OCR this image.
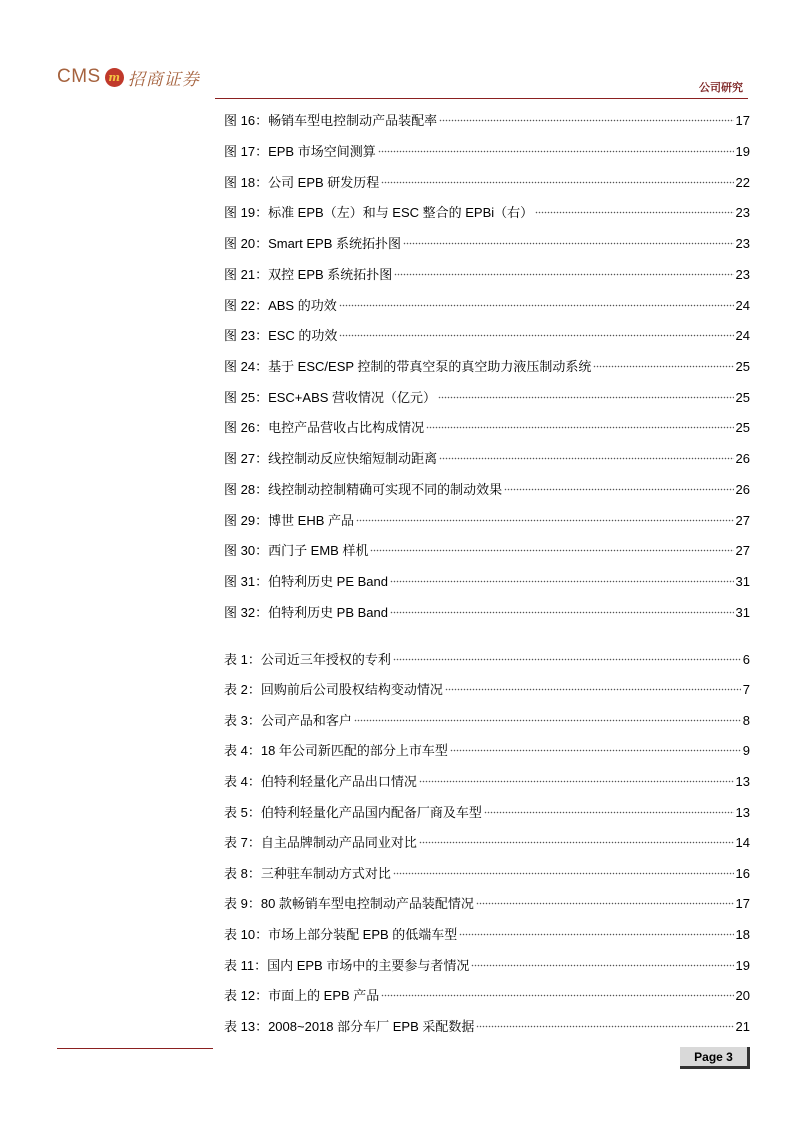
CMS m 招商证券	公司研究
图 16：畅销车型电控制动产品装配率	17
图 17：EPB 市场空间测算	19
图 18：公司 EPB 研发历程	22
图 19：标准 EPB（左）和与 ESC 整合的 EPBi（右）	23
图 20：Smart EPB 系统拓扑图	23
图 21：双控 EPB 系统拓扑图	23
图 22：ABS 的功效	24
图 23：ESC 的功效	24
图 24：基于 ESC/ESP 控制的带真空泵的真空助力液压制动系统	25
图 25：ESC+ABS 营收情况（亿元）	25
图 26：电控产品营收占比构成情况	25
图 27：线控制动反应快缩短制动距离	26
图 28：线控制动控制精确可实现不同的制动效果	26
图 29：博世 EHB 产品	27
图 30：西门子 EMB 样机	27
图 31：伯特利历史 PE Band	31
图 32：伯特利历史 PB Band	31
表 1：公司近三年授权的专利	6
表 2：回购前后公司股权结构变动情况	7
表 3：公司产品和客户	8
表 4：18 年公司新匹配的部分上市车型	9
表 4：伯特利轻量化产品出口情况	13
表 5：伯特利轻量化产品国内配备厂商及车型	13
表 7：自主品牌制动产品同业对比	14
表 8：三种驻车制动方式对比	16
表 9：80 款畅销车型电控制动产品装配情况	17
表 10：市场上部分装配 EPB 的低端车型	18
表 11：国内 EPB 市场中的主要参与者情况	19
表 12：市面上的 EPB 产品	20
表 13：2008~2018 部分车厂 EPB 采配数据	21
Page 3
